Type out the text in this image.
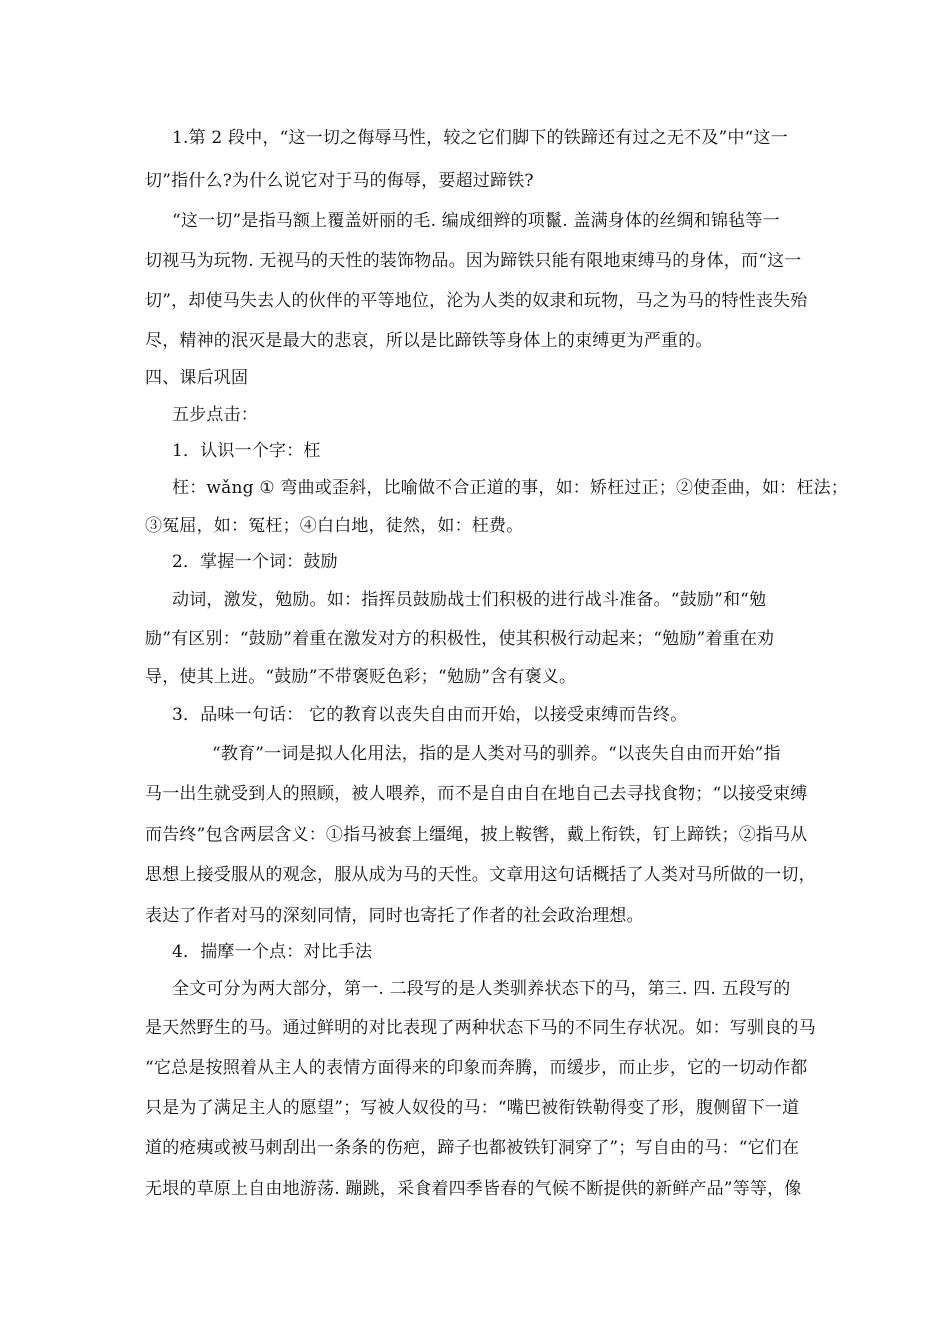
1.第 2 段中，“这一切之侮辱马性，较之它们脚下的铁蹄还有过之无不及”中“这一
切”指什么?为什么说它对于马的侮辱，要超过蹄铁?
“这一切”是指马额上覆盖妍丽的毛. 编成细辫的项鬣. 盖满身体的丝绸和锦毡等一
切视马为玩物. 无视马的天性的装饰物品。因为蹄铁只能有限地束缚马的身体，而“这一
切”，却使马失去人的伙伴的平等地位，沦为人类的奴隶和玩物，马之为马的特性丧失殆
尽，精神的泯灭是最大的悲哀，所以是比蹄铁等身体上的束缚更为严重的。
四、课后巩固
五步点击：
1．认识一个字：枉
枉：wǎng ① 弯曲或歪斜，比喻做不合正道的事，如：矫枉过正；②使歪曲，如：枉法；
③冤屈，如：冤枉；④白白地，徒然，如：枉费。
2．掌握一个词：鼓励
动词，激发，勉励。如：指挥员鼓励战士们积极的进行战斗准备。“鼓励”和“勉
励”有区别：“鼓励”着重在激发对方的积极性，使其积极行动起来；“勉励”着重在劝
导，使其上进。“鼓励”不带褒贬色彩；“勉励”含有褒义。
3．品味一句话： 它的教育以丧失自由而开始，以接受束缚而告终。
“教育”一词是拟人化用法，指的是人类对马的驯养。“以丧失自由而开始”指
马一出生就受到人的照顾，被人喂养，而不是自由自在地自己去寻找食物；“以接受束缚
而告终”包含两层含义：①指马被套上缰绳，披上鞍辔，戴上衔铁，钉上蹄铁；②指马从
思想上接受服从的观念，服从成为马的天性。文章用这句话概括了人类对马所做的一切，
表达了作者对马的深刻同情，同时也寄托了作者的社会政治理想。
4．揣摩一个点：对比手法
全文可分为两大部分，第一. 二段写的是人类驯养状态下的马，第三. 四. 五段写的
是天然野生的马。通过鲜明的对比表现了两种状态下马的不同生存状况。如：写驯良的马
“它总是按照着从主人的表情方面得来的印象而奔腾，而缓步，而止步，它的一切动作都
只是为了满足主人的愿望”；写被人奴役的马：“嘴巴被衔铁勒得变了形，腹侧留下一道
道的疮痍或被马刺刮出一条条的伤疤，蹄子也都被铁钉洞穿了”；写自由的马：“它们在
无垠的草原上自由地游荡. 蹦跳，采食着四季皆春的气候不断提供的新鲜产品”等等，像
